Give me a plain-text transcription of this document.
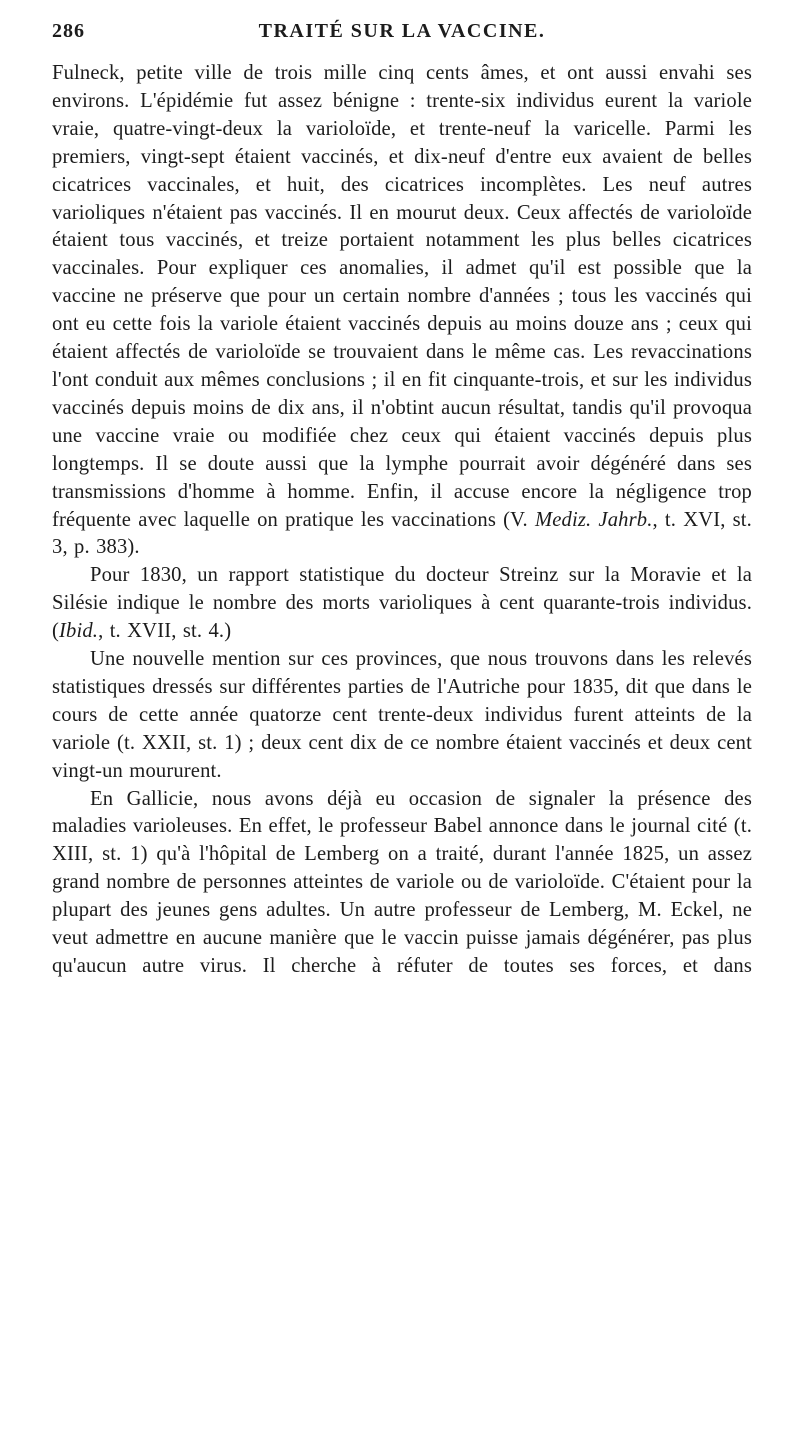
286	TRAITÉ SUR LA VACCINE.

Fulneck, petite ville de trois mille cinq cents âmes, et ont aussi envahi ses environs. L'épidémie fut assez bénigne : trente-six individus eurent la variole vraie, quatre-vingt-deux la varioloïde, et trente-neuf la varicelle. Parmi les premiers, vingt-sept étaient vaccinés, et dix-neuf d'entre eux avaient de belles cicatrices vaccinales, et huit, des cicatrices incomplètes. Les neuf autres varioliques n'étaient pas vaccinés. Il en mourut deux. Ceux affectés de varioloïde étaient tous vaccinés, et treize portaient notamment les plus belles cicatrices vaccinales. Pour expliquer ces anomalies, il admet qu'il est possible que la vaccine ne préserve que pour un certain nombre d'années ; tous les vaccinés qui ont eu cette fois la variole étaient vaccinés depuis au moins douze ans ; ceux qui étaient affectés de varioloïde se trouvaient dans le même cas. Les revaccinations l'ont conduit aux mêmes conclusions ; il en fit cinquante-trois, et sur les individus vaccinés depuis moins de dix ans, il n'obtint aucun résultat, tandis qu'il provoqua une vaccine vraie ou modifiée chez ceux qui étaient vaccinés depuis plus longtemps. Il se doute aussi que la lymphe pourrait avoir dégénéré dans ses transmissions d'homme à homme. Enfin, il accuse encore la négligence trop fréquente avec laquelle on pratique les vaccinations (V. Mediz. Jahrb., t. XVI, st. 3, p. 383).

Pour 1830, un rapport statistique du docteur Streinz sur la Moravie et la Silésie indique le nombre des morts varioliques à cent quarante-trois individus. (Ibid., t. XVII, st. 4.)

Une nouvelle mention sur ces provinces, que nous trouvons dans les relevés statistiques dressés sur différentes parties de l'Autriche pour 1835, dit que dans le cours de cette année quatorze cent trente-deux individus furent atteints de la variole (t. XXII, st. 1) ; deux cent dix de ce nombre étaient vaccinés et deux cent vingt-un moururent.

En Gallicie, nous avons déjà eu occasion de signaler la présence des maladies varioleuses. En effet, le professeur Babel annonce dans le journal cité (t. XIII, st. 1) qu'à l'hôpital de Lemberg on a traité, durant l'année 1825, un assez grand nombre de personnes atteintes de variole ou de varioloïde. C'étaient pour la plupart des jeunes gens adultes. Un autre professeur de Lemberg, M. Eckel, ne veut admettre en aucune manière que le vaccin puisse jamais dégénérer, pas plus qu'aucun autre virus. Il cherche à réfuter de toutes ses forces, et dans
